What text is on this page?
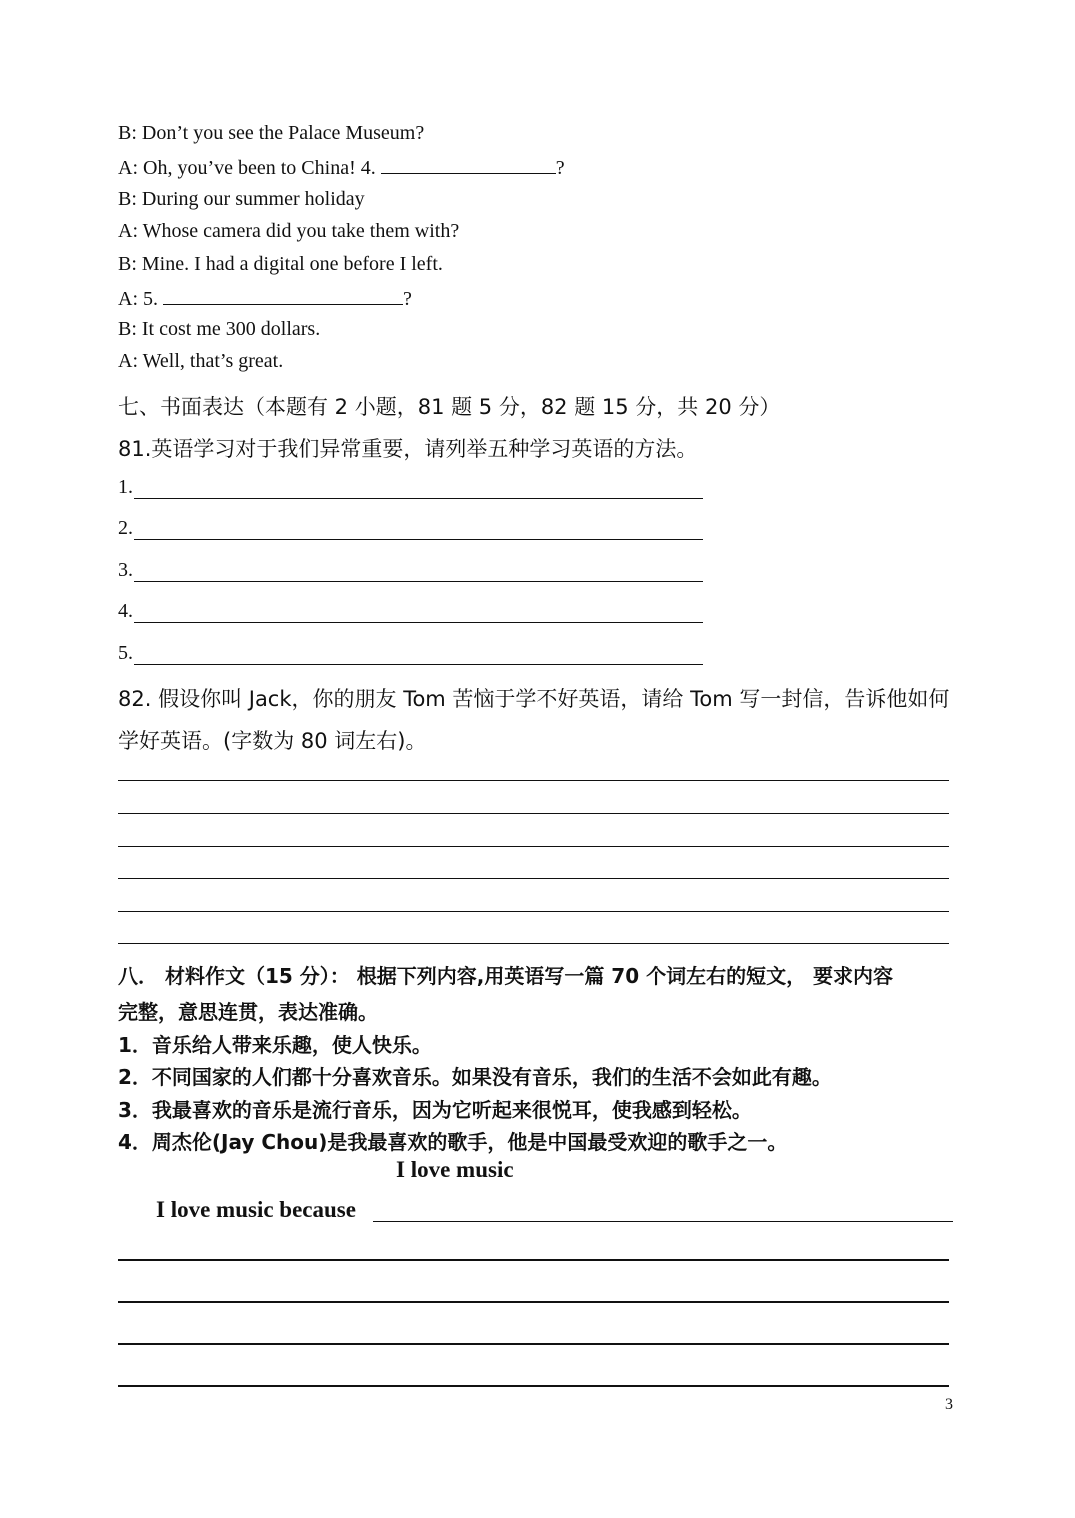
B: Don’t you see the Palace Museum?
A: Oh, you’ve been to China! 4.	?
B: During our summer holiday
A: Whose camera did you take them with?
B: Mine. I had a digital one before I left.
A: 5.	?
B: It cost me 300 dollars.
A: Well, that’s great.
七、书面表达（本题有 2 小题，81 题 5 分，82 题 15 分，共 20 分）
81.英语学习对于我们异常重要，请列举五种学习英语的方法。
1.
2.
3.
4.
5.
82. 假设你叫 Jack，你的朋友 Tom 苦恼于学不好英语，请给 Tom 写一封信，告诉他如何
学好英语。(字数为 80 词左右)。
八． 材料作文（15 分）： 根据下列内容,用英语写一篇 70 个词左右的短文， 要求内容
完整，意思连贯，表达准确。
1．音乐给人带来乐趣，使人快乐。
2．不同国家的人们都十分喜欢音乐。如果没有音乐，我们的生活不会如此有趣。
3．我最喜欢的音乐是流行音乐，因为它听起来很悦耳，使我感到轻松。
4．周杰伦(Jay Chou)是我最喜欢的歌手，他是中国最受欢迎的歌手之一。
I love music
I love music because
3
